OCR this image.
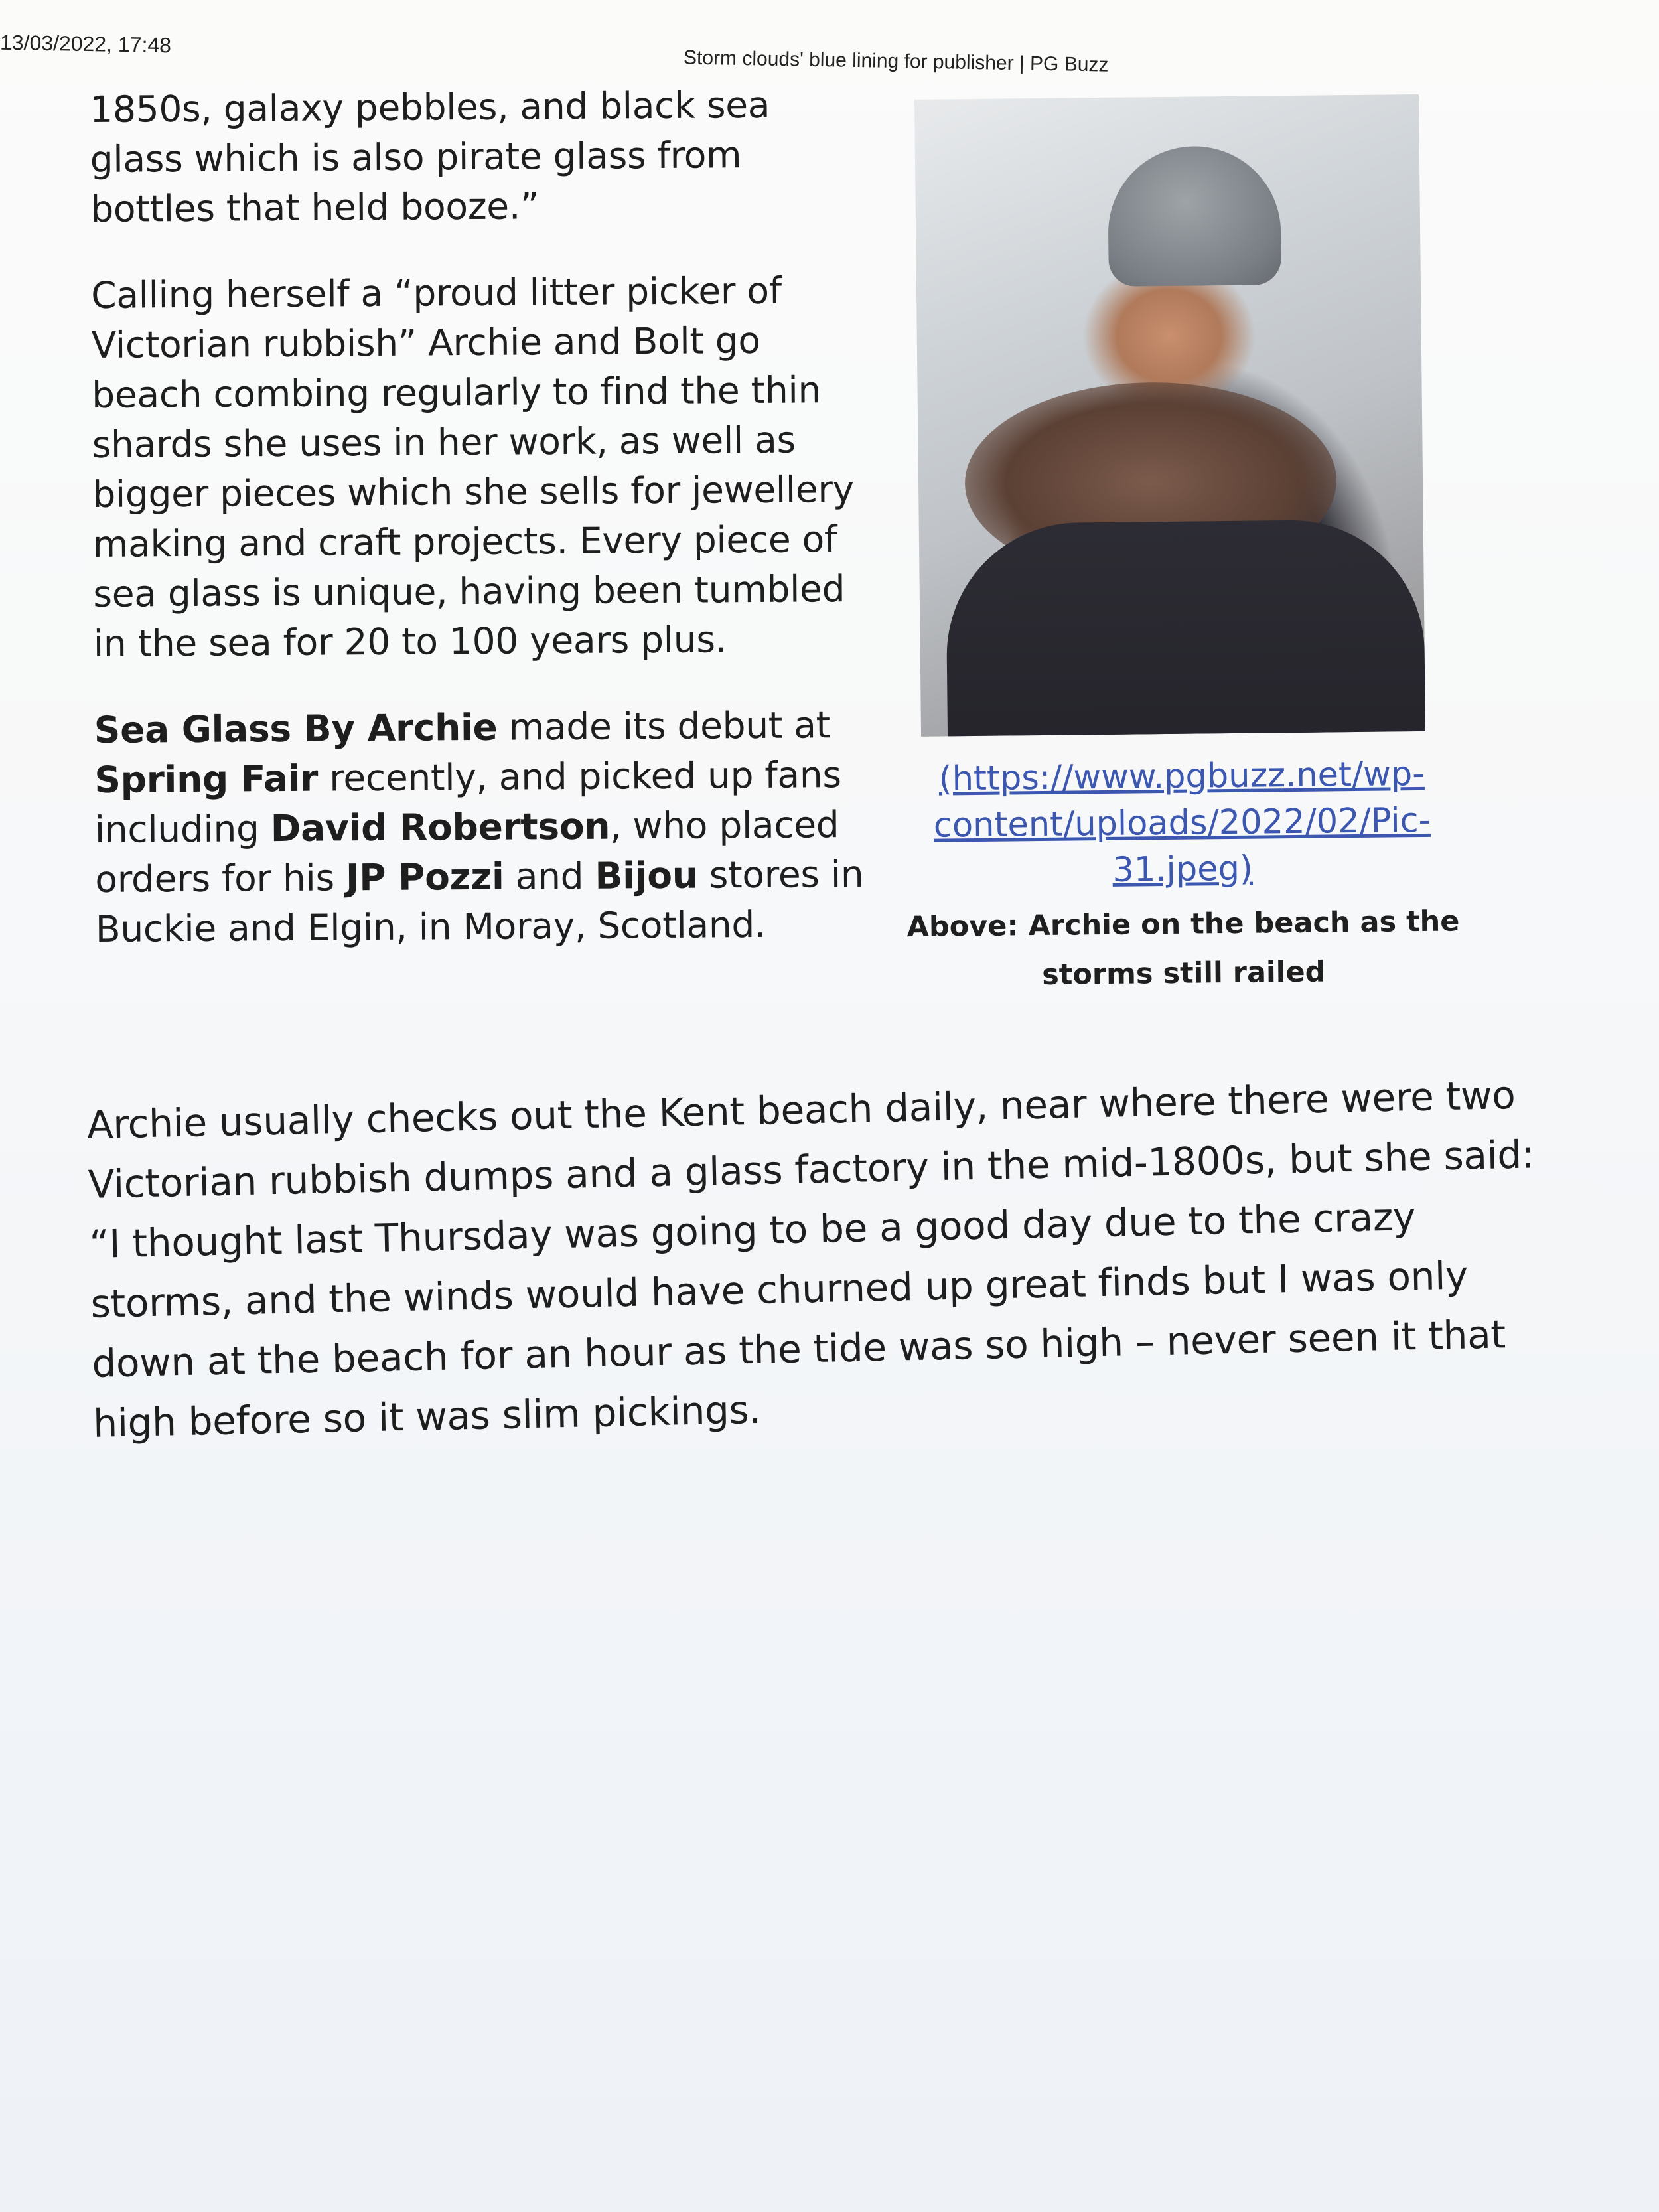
13/03/2022, 17:48
Storm clouds' blue lining for publisher | PG Buzz

1850s, galaxy pebbles, and black sea glass which is also pirate glass from bottles that held booze.”

Calling herself a “proud litter picker of Victorian rubbish” Archie and Bolt go beach combing regularly to find the thin shards she uses in her work, as well as bigger pieces which she sells for jewellery making and craft projects. Every piece of sea glass is unique, having been tumbled in the sea for 20 to 100 years plus.

Sea Glass By Archie made its debut at Spring Fair recently, and picked up fans including David Robertson, who placed orders for his JP Pozzi and Bijou stores in Buckie and Elgin, in Moray, Scotland.

(https://www.pgbuzz.net/wp-content/uploads/2022/02/Pic-31.jpeg)
Above: Archie on the beach as the storms still railed

Archie usually checks out the Kent beach daily, near where there were two Victorian rubbish dumps and a glass factory in the mid-1800s, but she said: “I thought last Thursday was going to be a good day due to the crazy storms, and the winds would have churned up great finds but I was only down at the beach for an hour as the tide was so high – never seen it that high before so it was slim pickings.
